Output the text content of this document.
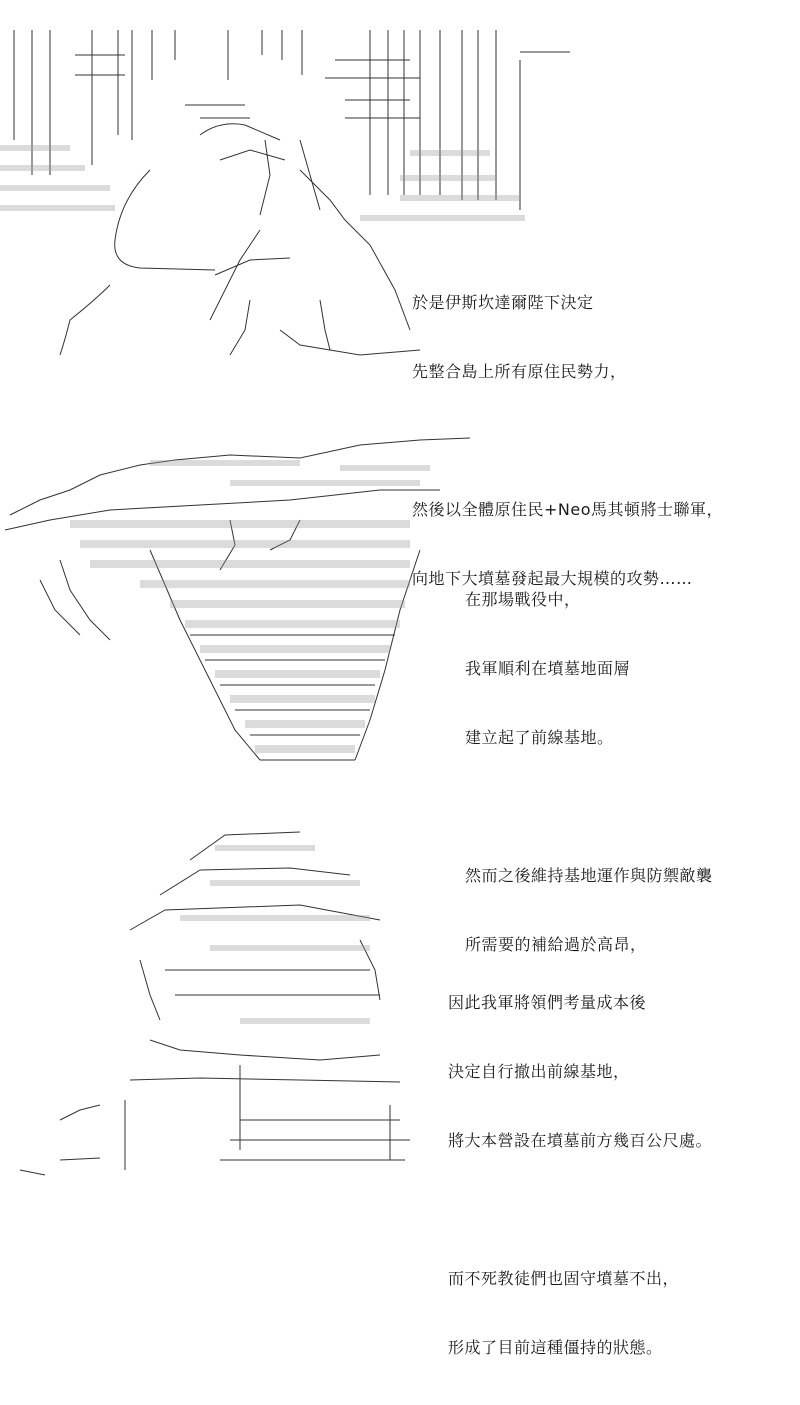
於是伊斯坎達爾陛下決定

先整合島上所有原住民勢力，

然後以全體原住民+Neo馬其頓將士聯軍，

向地下大墳墓發起最大規模的攻勢……

在那場戰役中，

我軍順利在墳墓地面層

建立起了前線基地。

然而之後維持基地運作與防禦敵襲

所需要的補給過於高昂，

因此我軍將領們考量成本後

決定自行撤出前線基地，

將大本營設在墳墓前方幾百公尺處。

而不死教徒們也固守墳墓不出，

形成了目前這種僵持的狀態。
